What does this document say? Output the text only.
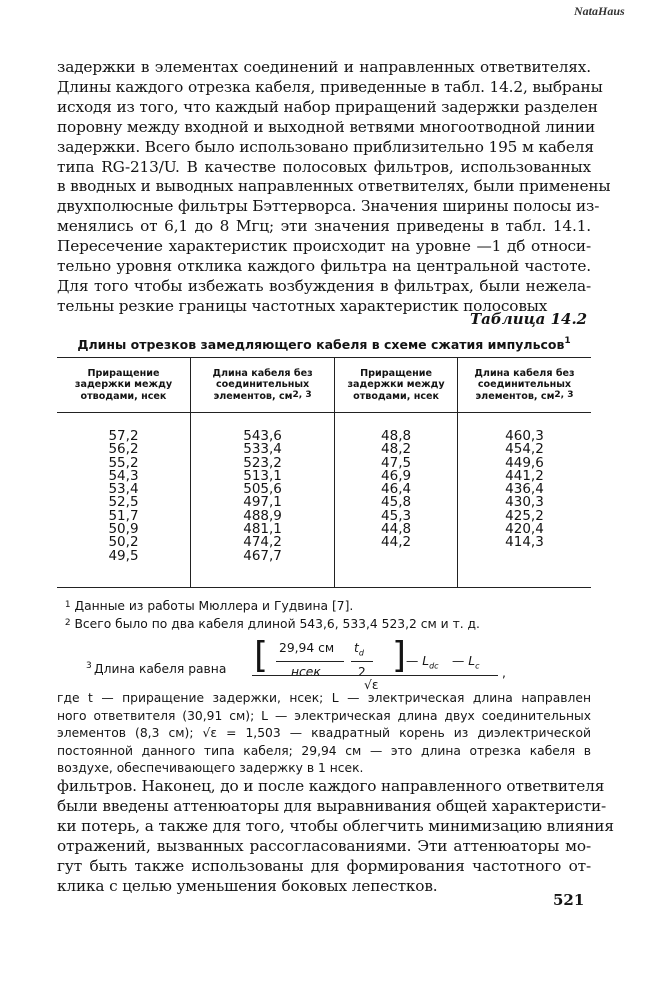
NataHaus
задержки в элементах соединений и направленных ответвителях.
Длины каждого отрезка кабеля, приведенные в табл. 14.2, выбраны
исходя из того, что каждый набор приращений задержки разделен
поровну между входной и выходной ветвями многоотводной линии
задержки. Всего было использовано приблизительно 195 м кабеля
типа RG-213/U. В качестве полосовых фильтров, использованных
в вводных и выводных направленных ответвителях, были применены
двухполюсные фильтры Бэттерворса. Значения ширины полосы из-
менялись от 6,1 до 8 Мгц; эти значения приведены в табл. 14.1.
Пересечение характеристик происходит на уровне —1 дб относи-
тельно уровня отклика каждого фильтра на центральной частоте.
Для того чтобы избежать возбуждения в фильтрах, были нежела-
тельны резкие границы частотных характеристик полосовых
Таблица 14.2
Длины отрезков замедляющего кабеля в схеме сжатия импульсов$^1$
Приращение задержки между отводами, нсек	Длина кабеля без соединительных элементов, см2, 3	Приращение задержки между отводами, нсек	Длина кабеля без соединительных элементов, см2, 3
57,2	543,6	48,8	460,3
56,2	533,4	48,2	454,2
55,2	523,2	47,5	449,6
54,3	513,1	46,9	441,2
53,4	505,6	46,4	436,4
52,5	497,1	45,8	430,3
51,7	488,9	45,3	425,2
50,9	481,1	44,8	420,4
50,2	474,2	44,2	414,3
49,5	467,7		

$^1$ Данные из работы Мюллера и Гудвина [7].
$^2$ Всего было по два кабеля длиной 543,6, 533,4 523,2 см и т. д.
3 Длина кабеля равна [	]
29,94 см
нсек
$t_d$
2
— $L_{dc}$ — $L_c$
√ε
,
где t — приращение задержки, нсек; L — электрическая длина направлен
ного ответвителя (30,91 см); L — электрическая длина двух соединительных
элементов (8,3 см); √ε = 1,503 — квадратный корень из диэлектрической
постоянной данного типа кабеля; 29,94 см — это длина отрезка кабеля в
воздухе, обеспечивающего задержку в 1 нсек.
фильтров. Наконец, до и после каждого направленного ответвителя
были введены аттенюаторы для выравнивания общей характеристи-
ки потерь, а также для того, чтобы облегчить минимизацию влияния
отражений, вызванных рассогласованиями. Эти аттенюаторы мо-
гут быть также использованы для формирования частотного от-
клика с целью уменьшения боковых лепестков.
521
